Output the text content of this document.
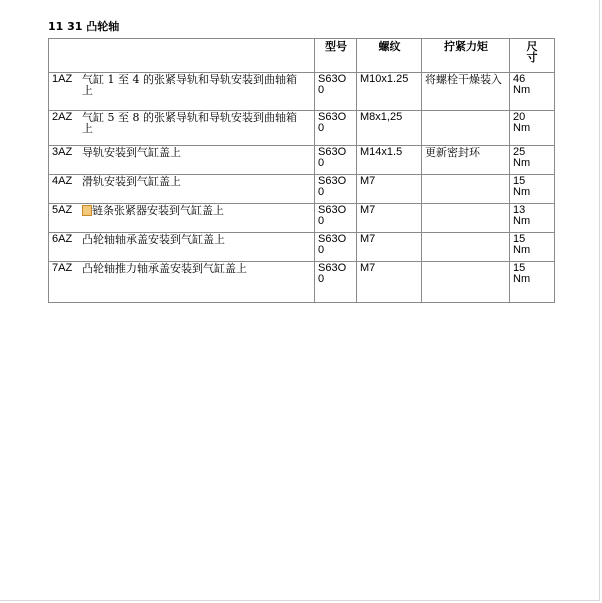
11 31 凸轮轴
	型号	螺纹	拧紧力矩	尺寸
1AZ 气缸 1 至 4 的张紧导轨和导轨安装到曲轴箱上	S63O0	M10x1.25	将螺栓干燥装入	46 Nm
2AZ 气缸 5 至 8 的张紧导轨和导轨安装到曲轴箱上	S63O0	M8x1,25		20 Nm
3AZ 导轨安装到气缸盖上	S63O0	M14x1.5	更新密封环	25 Nm
4AZ 滑轨安装到气缸盖上	S63O0	M7		15 Nm
5AZ 链条张紧器安装到气缸盖上	S63O0	M7		13 Nm
6AZ 凸轮轴轴承盖安装到气缸盖上	S63O0	M7		15 Nm
7AZ 凸轮轴推力轴承盖安装到气缸盖上	S63O0	M7		15 Nm
